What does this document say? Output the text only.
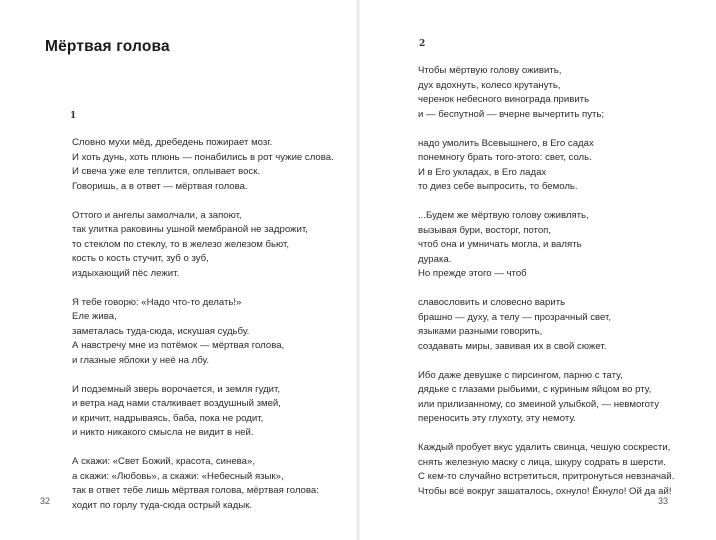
Мёртвая голова
1
Словно мухи мёд, дребедень пожирает мозг.
И хоть дунь, хоть плюнь — понабились в рот чужие слова.
И свеча уже еле теплится, оплывает воск.
Говоришь, а в ответ — мёртвая голова.
Оттого и ангелы замолчали, а запоют,
так улитка раковины ушной мембраной не задрожит,
то стеклом по стеклу, то в железо железом бьют,
кость о кость стучит, зуб о зуб,
издыхающий пёс лежит.
Я тебе говорю: «Надо что-то делать!»
Еле жива,
заметалась туда-сюда, искушая судьбу.
А навстречу мне из потёмок — мёртвая голова,
и глазные яблоки у неё на лбу.
И подземный зверь ворочается, и земля гудит,
и ветра над нами сталкивает воздушный змей,
и кричит, надрываясь, баба, пока не родит,
и никто никакого смысла не видит в ней.
А скажи: «Свет Божий, красота, синева»,
а скажи: «Любовь», а скажи: «Небесный язык»,
так в ответ тебе лишь мёртвая голова, мёртвая голова:
ходит по горлу туда-сюда острый кадык.
32
2
Чтобы мёртвую голову оживить,
дух вдохнуть, колесо крутануть,
черенок небесного винограда привить
и — беспутной — вчерне вычертить путь;
надо умолить Всевышнего, в Его садах
понемногу брать того-этого: свет, соль.
И в Его укладах, в Его ладах
то диез себе выпросить, то бемоль.
...Будем же мёртвую голову оживлять,
вызывая бури, восторг, потоп,
чтоб она и умничать могла, и валять
дурака.
Но прежде этого — чтоб
славословить и словесно варить
брашно — духу, а телу — прозрачный свет,
языками разными говорить,
создавать миры, завивая их в свой сюжет.
Ибо даже девушке с пирсингом, парню с тату,
дядьке с глазами рыбьими, с куриным яйцом во рту,
или прилизанному, со змеиной улыбкой, — невмоготу
переносить эту глухоту, эту немоту.
Каждый пробует вкус удалить свинца, чешую соскрести,
снять железную маску с лица, шкуру содрать в шерсти.
С кем-то случайно встретиться, притронуться невзначай.
Чтобы всё вокруг зашаталось, охнуло! Ёкнуло! Ой да ай!
33
